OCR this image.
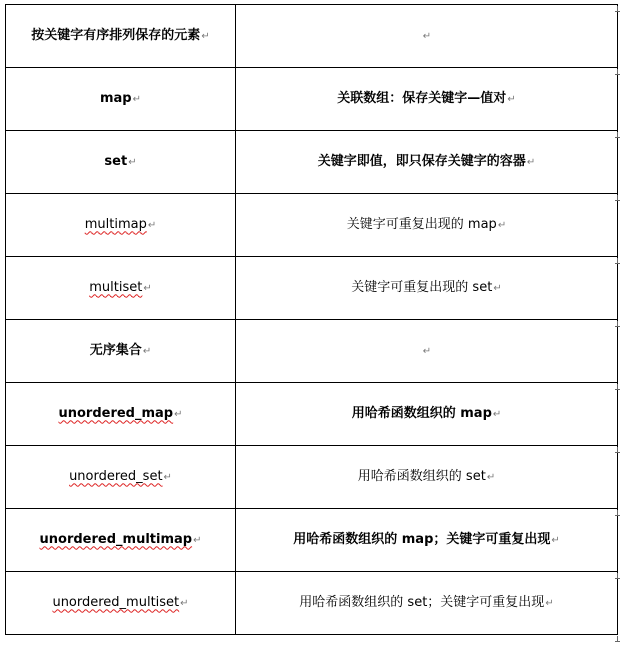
按关键字有序排列保存的元素↵	↵
map↵	关联数组：保存关键字—值对↵
set↵	关键字即值，即只保存关键字的容器↵
multimap↵	关键字可重复出现的 map↵
multiset↵	关键字可重复出现的 set↵
无序集合↵	↵
unordered_map↵	用哈希函数组织的 map↵
unordered_set↵	用哈希函数组织的 set↵
unordered_multimap↵	用哈希函数组织的 map；关键字可重复出现↵
unordered_multiset↵	用哈希函数组织的 set；关键字可重复出现↵
